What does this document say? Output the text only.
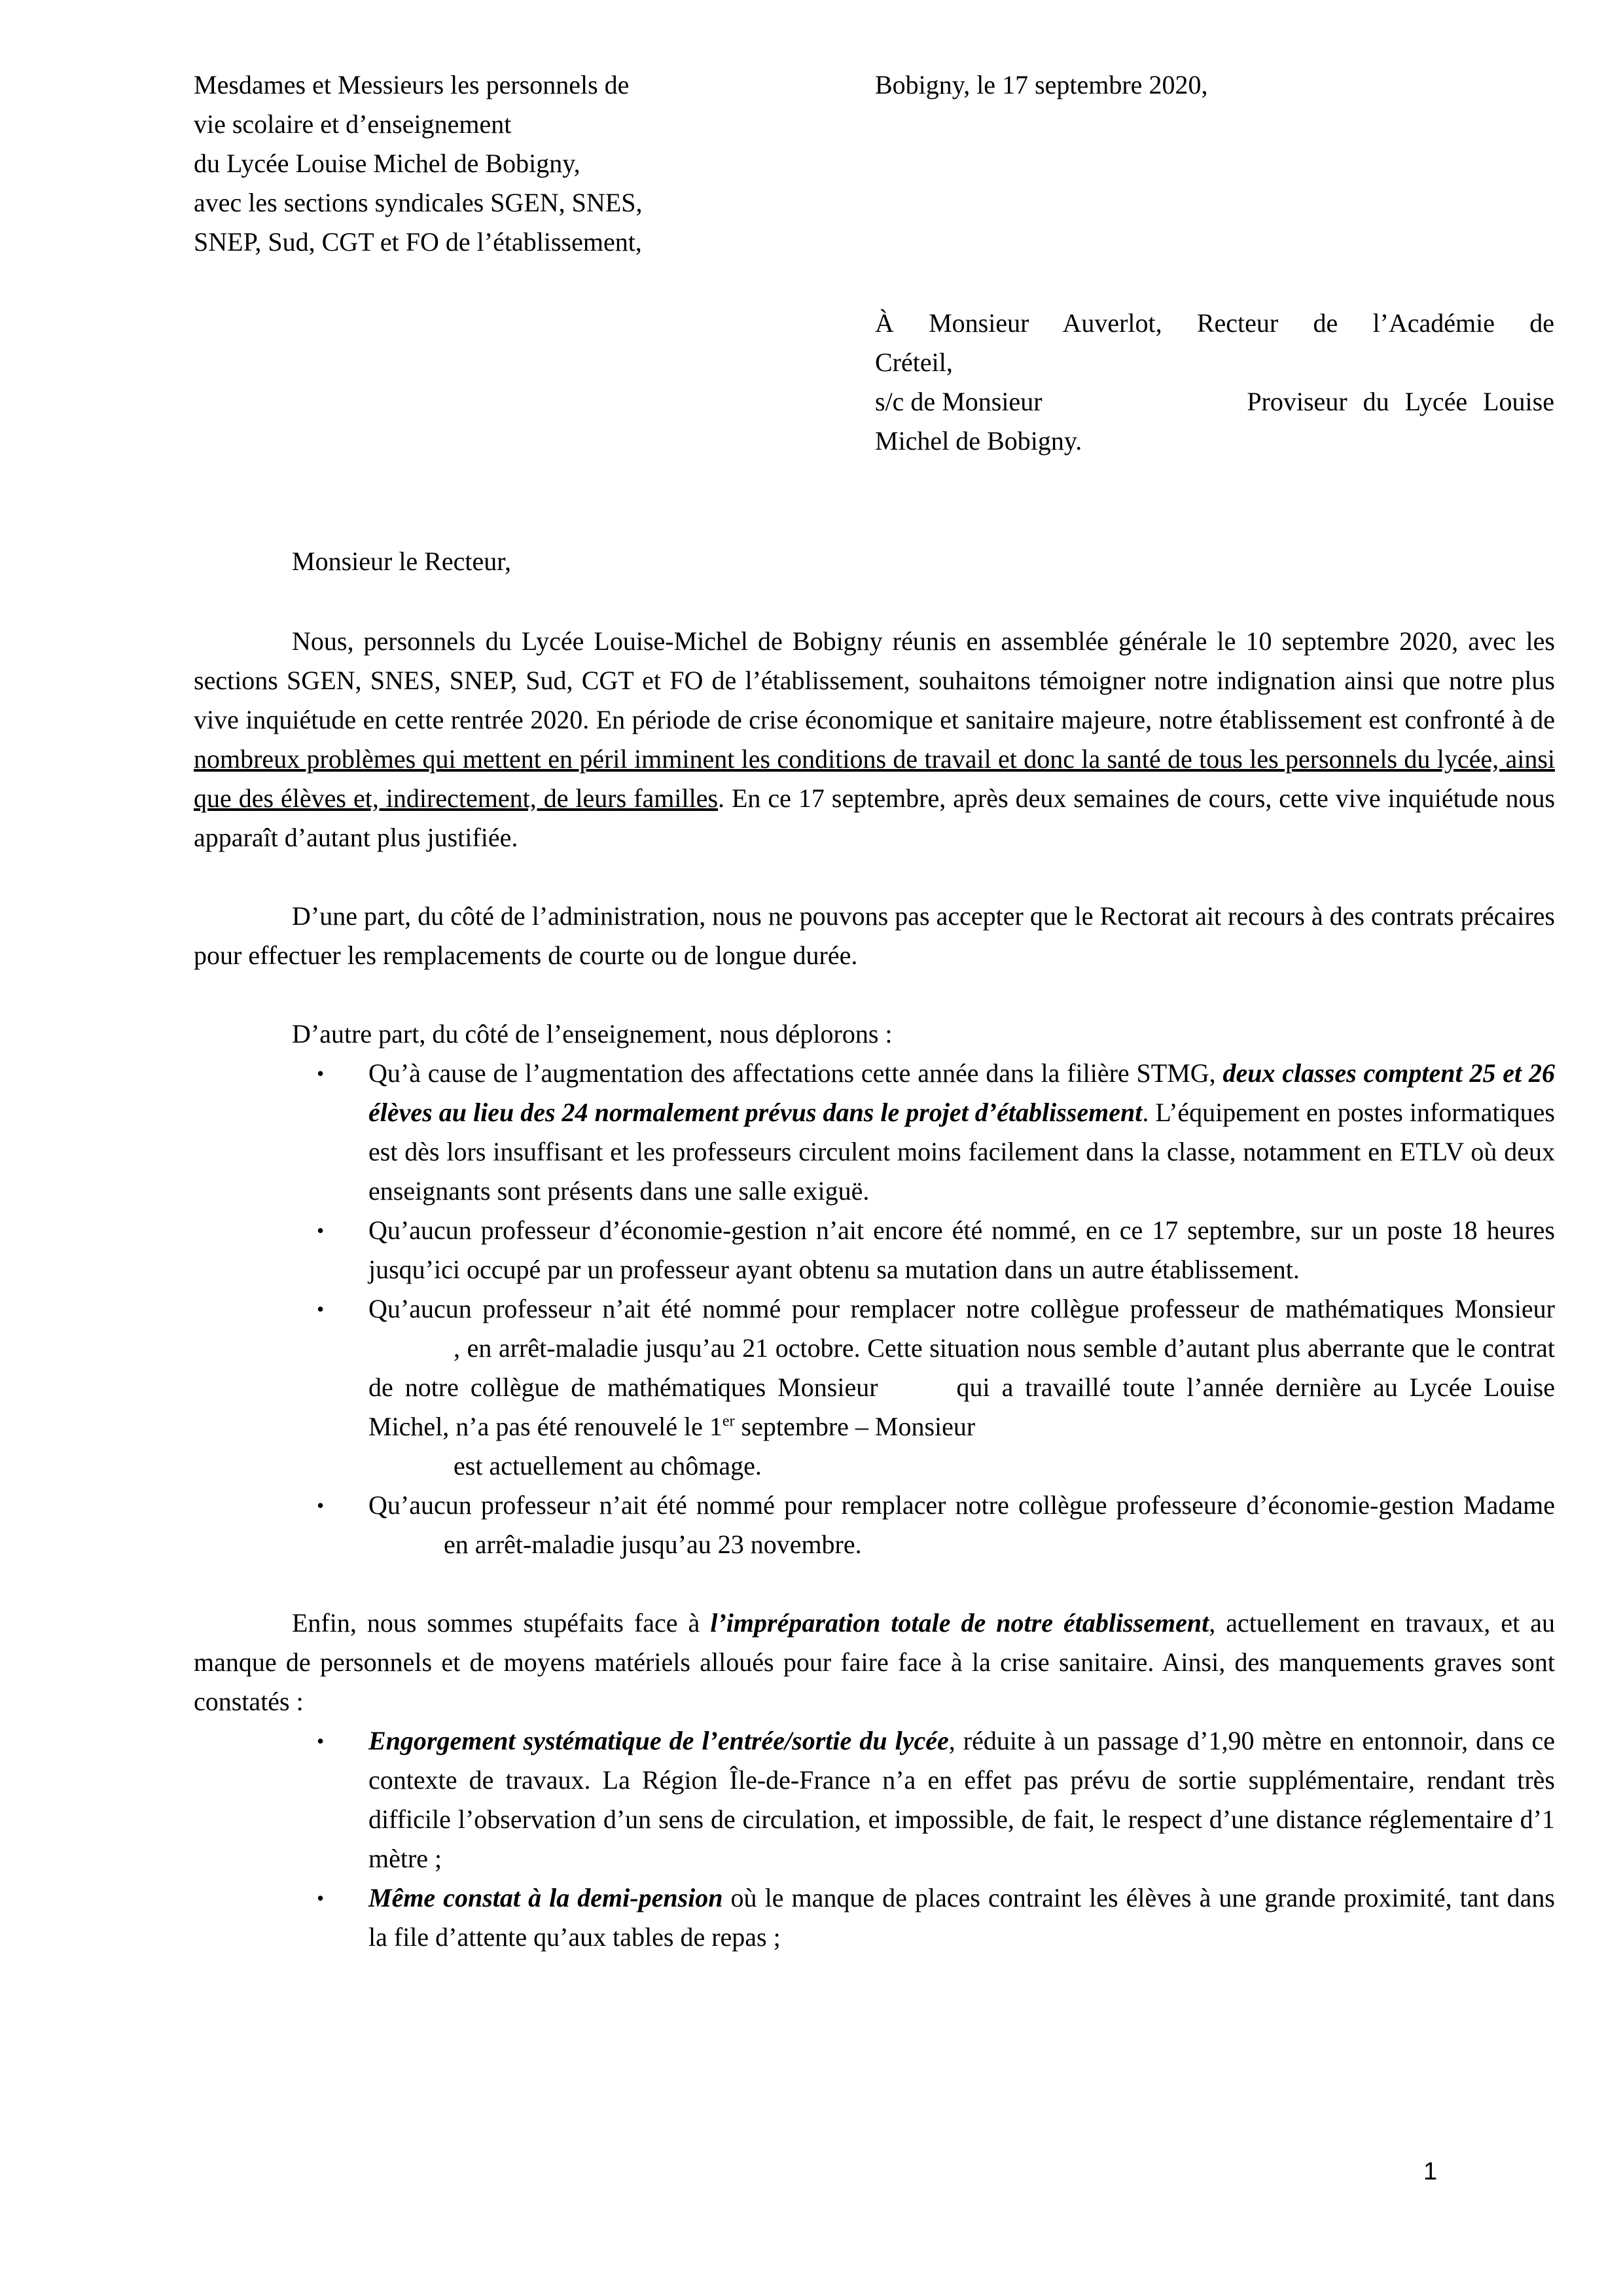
Mesdames et Messieurs les personnels de
vie scolaire et d’enseignement
du Lycée Louise Michel de Bobigny,
avec les sections syndicales SGEN, SNES,
SNEP, Sud, CGT et FO de l’établissement,
Bobigny, le 17 septembre 2020,
À Monsieur Auverlot, Recteur de l’Académie de
Créteil,
s/c de Monsieur	Proviseur du Lycée Louise
Michel de Bobigny.
Monsieur le Recteur,

Nous, personnels du Lycée Louise-Michel de Bobigny réunis en assemblée générale le 10 septembre 2020, avec les sections SGEN, SNES, SNEP, Sud, CGT et FO de l’établissement, souhaitons témoigner notre indignation ainsi que notre plus vive inquiétude en cette rentrée 2020. En période de crise économique et sanitaire majeure, notre établissement est confronté à de nombreux problèmes qui mettent en péril imminent les conditions de travail et donc la santé de tous les personnels du lycée, ainsi que des élèves et, indirectement, de leurs familles. En ce 17 septembre, après deux semaines de cours, cette vive inquiétude nous apparaît d’autant plus justifiée.

D’une part, du côté de l’administration, nous ne pouvons pas accepter que le Rectorat ait recours à des contrats précaires pour effectuer les remplacements de courte ou de longue durée.

D’autre part, du côté de l’enseignement, nous déplorons :

• Qu’à cause de l’augmentation des affectations cette année dans la filière STMG, deux classes comptent 25 et 26 élèves au lieu des 24 normalement prévus dans le projet d’établissement. L’équipement en postes informatiques est dès lors insuffisant et les professeurs circulent moins facilement dans la classe, notamment en ETLV où deux enseignants sont présents dans une salle exiguë.
• Qu’aucun professeur d’économie-gestion n’ait encore été nommé, en ce 17 septembre, sur un poste 18 heures jusqu’ici occupé par un professeur ayant obtenu sa mutation dans un autre établissement.
• Qu’aucun professeur n’ait été nommé pour remplacer notre collègue professeur de mathématiques Monsieur, en arrêt-maladie jusqu’au 21 octobre. Cette situation nous semble d’autant plus aberrante que le contrat de notre collègue de mathématiques Monsieur	qui a travaillé toute l’année dernière au Lycée Louise Michel, n’a pas été renouvelé le 1er septembre – Monsieur
est actuellement au chômage.
• Qu’aucun professeur n’ait été nommé pour remplacer notre collègue professeure d’économie-gestion Madameen arrêt-maladie jusqu’au 23 novembre.

Enfin, nous sommes stupéfaits face à l’impréparation totale de notre établissement, actuellement en travaux, et au manque de personnels et de moyens matériels alloués pour faire face à la crise sanitaire. Ainsi, des manquements graves sont constatés :

• Engorgement systématique de l’entrée/sortie du lycée, réduite à un passage d’1,90 mètre en entonnoir, dans ce contexte de travaux. La Région Île-de-France n’a en effet pas prévu de sortie supplémentaire, rendant très difficile l’observation d’un sens de circulation, et impossible, de fait, le respect d’une distance réglementaire d’1 mètre ;
• Même constat à la demi-pension où le manque de places contraint les élèves à une grande proximité, tant dans la file d’attente qu’aux tables de repas ;
1
